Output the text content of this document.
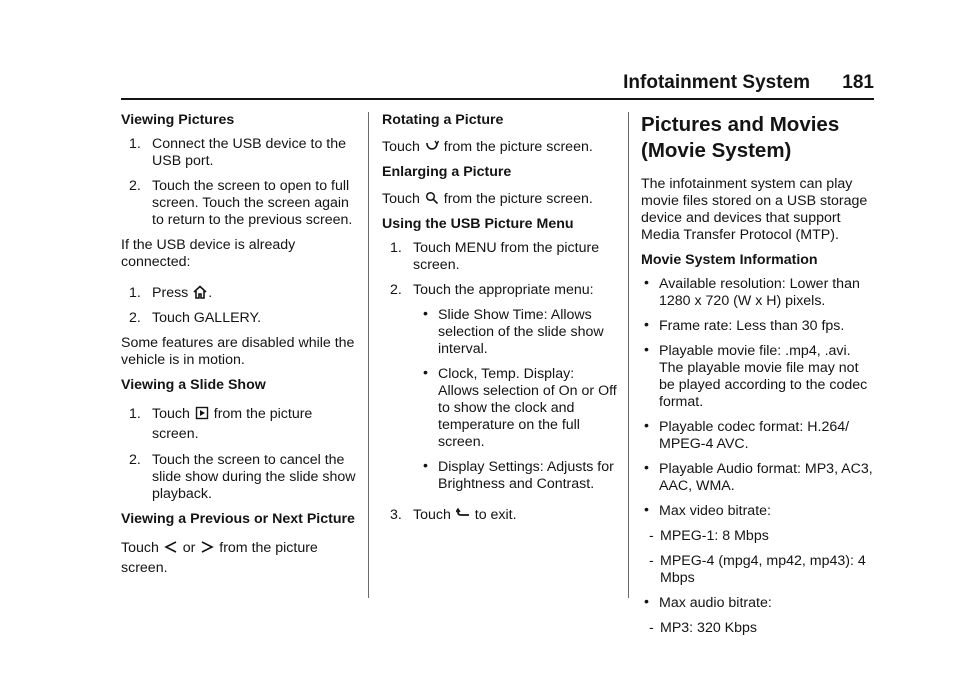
Infotainment System 181
Viewing Pictures
1. Connect the USB device to the USB port.
2. Touch the screen to open to full screen. Touch the screen again to return to the previous screen.

If the USB device is already connected:

1. Press
.
2. Touch GALLERY.

Some features are disabled while the vehicle is in motion.

Viewing a Slide Show
1. Touch
from the picture screen.
2. Touch the screen to cancel the slide show during the slide show playback.
Viewing a Previous or Next Picture

Touch
or
from the picture screen.

Rotating a Picture

Touch
from the picture screen.

Enlarging a Picture

Touch
from the picture screen.

Using the USB Picture Menu
1. Touch MENU from the picture screen.
2. Touch the appropriate menu:
• Slide Show Time: Allows selection of the slide show interval.
• Clock, Temp. Display: Allows selection of On or Off to show the clock and temperature on the full screen.
• Display Settings: Adjusts for Brightness and Contrast.
3. Touch
to exit.
Pictures and Movies (Movie System)

The infotainment system can play movie files stored on a USB storage device and devices that support Media Transfer Protocol (MTP).

Movie System Information
• Available resolution: Lower than 1280 x 720 (W x H) pixels.
• Frame rate: Less than 30 fps.
• Playable movie file: .mp4, .avi. The playable movie file may not be played according to the codec format.
• Playable codec format: H.264/ MPEG-4 AVC.
• Playable Audio format: MP3, AC3, AAC, WMA.
• Max video bitrate:
- MPEG-1: 8 Mbps
- MPEG-4 (mpg4, mp42, mp43): 4 Mbps
• Max audio bitrate:
- MP3: 320 Kbps
